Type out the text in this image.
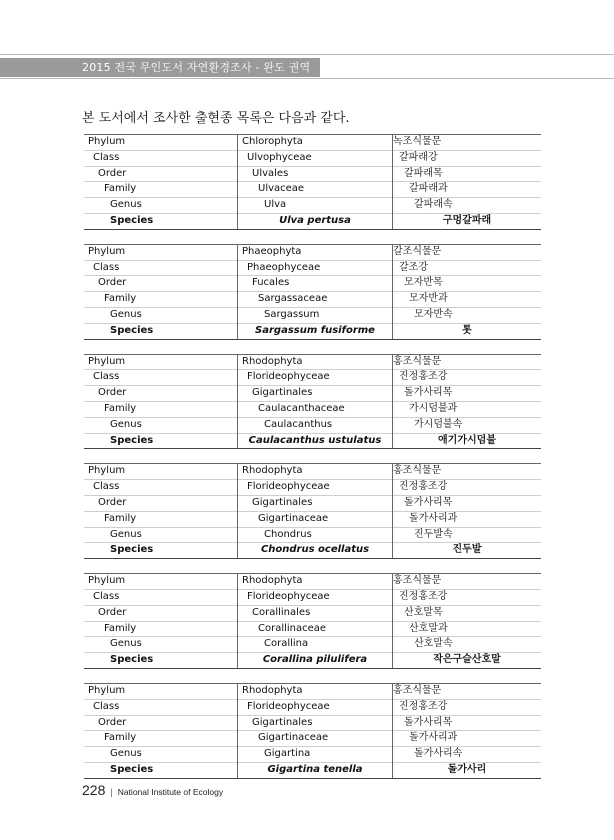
2015 전국 무인도서 자연환경조사 - 완도 권역
본 도서에서 조사한 출현종 목록은 다음과 같다.
Phylum	Chlorophyta	녹조식물문
Class	Ulvophyceae	갈파래강
Order	Ulvales	갈파래목
Family	Ulvaceae	갈파래과
Genus	Ulva	갈파래속
Species	Ulva pertusa	구멍갈파래
Phylum	Phaeophyta	갈조식물문
Class	Phaeophyceae	갈조강
Order	Fucales	모자반목
Family	Sargassaceae	모자반과
Genus	Sargassum	모자반속
Species	Sargassum fusiforme	톳
Phylum	Rhodophyta	홍조식물문
Class	Florideophyceae	진정홍조강
Order	Gigartinales	돌가사리목
Family	Caulacanthaceae	가시덤불과
Genus	Caulacanthus	가시덤불속
Species	Caulacanthus ustulatus	애기가시덤불
Phylum	Rhodophyta	홍조식물문
Class	Florideophyceae	진정홍조강
Order	Gigartinales	돌가사리목
Family	Gigartinaceae	돌가사리과
Genus	Chondrus	진두발속
Species	Chondrus ocellatus	진두발
Phylum	Rhodophyta	홍조식물문
Class	Florideophyceae	진정홍조강
Order	Corallinales	산호말목
Family	Corallinaceae	산호말과
Genus	Corallina	산호말속
Species	Corallina pilulifera	작은구슬산호말
Phylum	Rhodophyta	홍조식물문
Class	Florideophyceae	진정홍조강
Order	Gigartinales	돌가사리목
Family	Gigartinaceae	돌가사리과
Genus	Gigartina	돌가사리속
Species	Gigartina tenella	돌가사리
228 | National Institute of Ecology
